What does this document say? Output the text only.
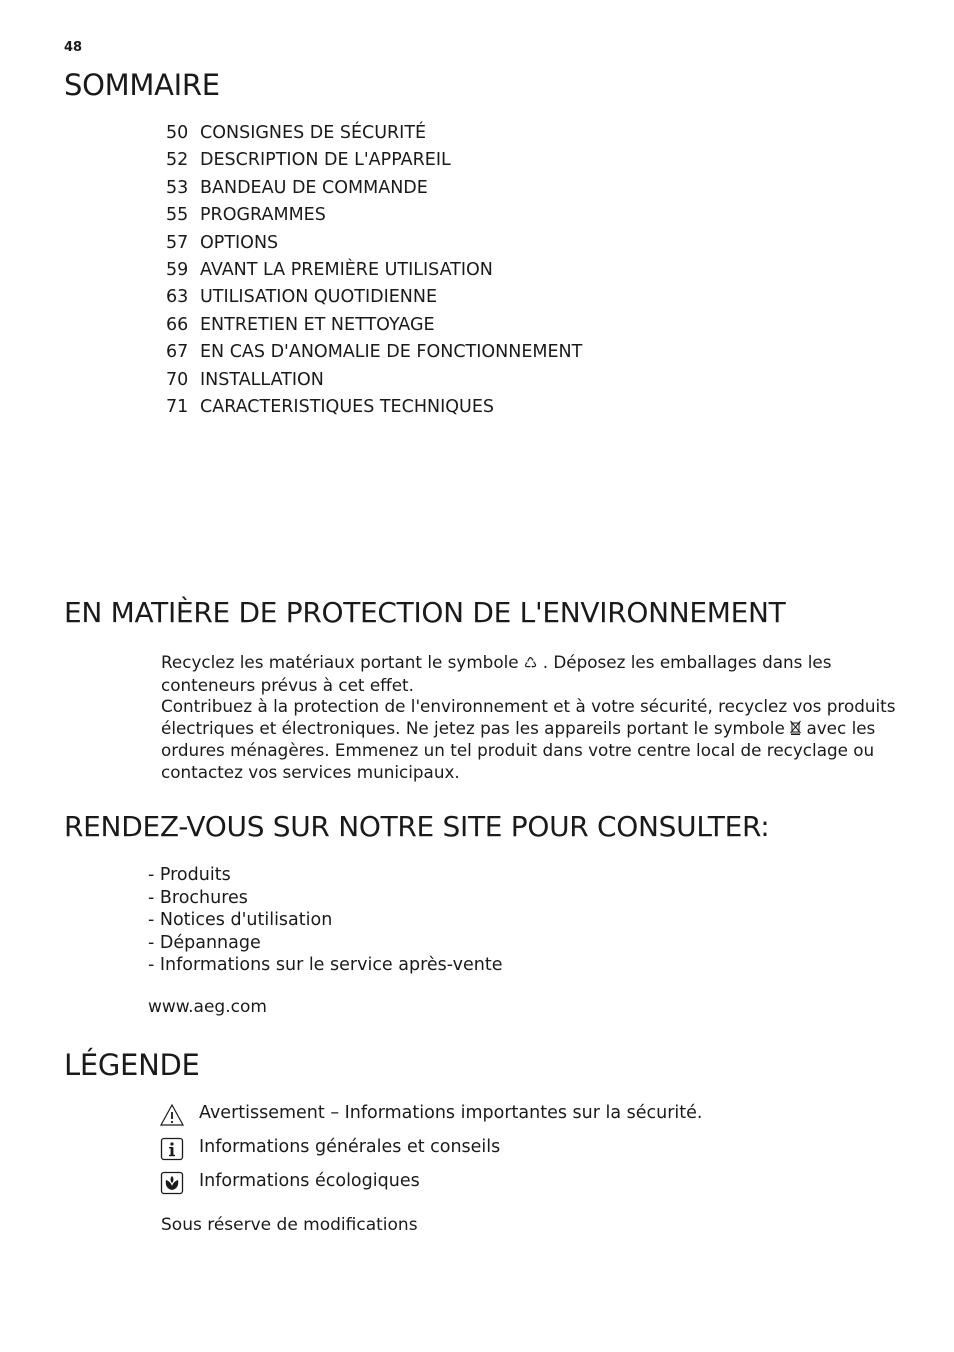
48
SOMMAIRE
50 CONSIGNES DE SÉCURITÉ
52 DESCRIPTION DE L'APPAREIL
53 BANDEAU DE COMMANDE
55 PROGRAMMES
57 OPTIONS
59 AVANT LA PREMIÈRE UTILISATION
63 UTILISATION QUOTIDIENNE
66 ENTRETIEN ET NETTOYAGE
67 EN CAS D'ANOMALIE DE FONCTIONNEMENT
70 INSTALLATION
71 CARACTERISTIQUES TECHNIQUES
EN MATIÈRE DE PROTECTION DE L'ENVIRONNEMENT

Recyclez les matériaux portant le symbole ♺ . Déposez les emballages dans les conteneurs prévus à cet effet.

Contribuez à la protection de l'environnement et à votre sécurité, recyclez vos produits électriques et électroniques. Ne jetez pas les appareils portant le symbole avec les ordures ménagères. Emmenez un tel produit dans votre centre local de recyclage ou contactez vos services municipaux.

RENDEZ-VOUS SUR NOTRE SITE POUR CONSULTER:
- Produits
- Brochures
- Notices d'utilisation
- Dépannage
- Informations sur le service après-vente

www.aeg.com

LÉGENDE
Avertissement – Informations importantes sur la sécurité.
Informations générales et conseils
Informations écologiques

Sous réserve de modifications
